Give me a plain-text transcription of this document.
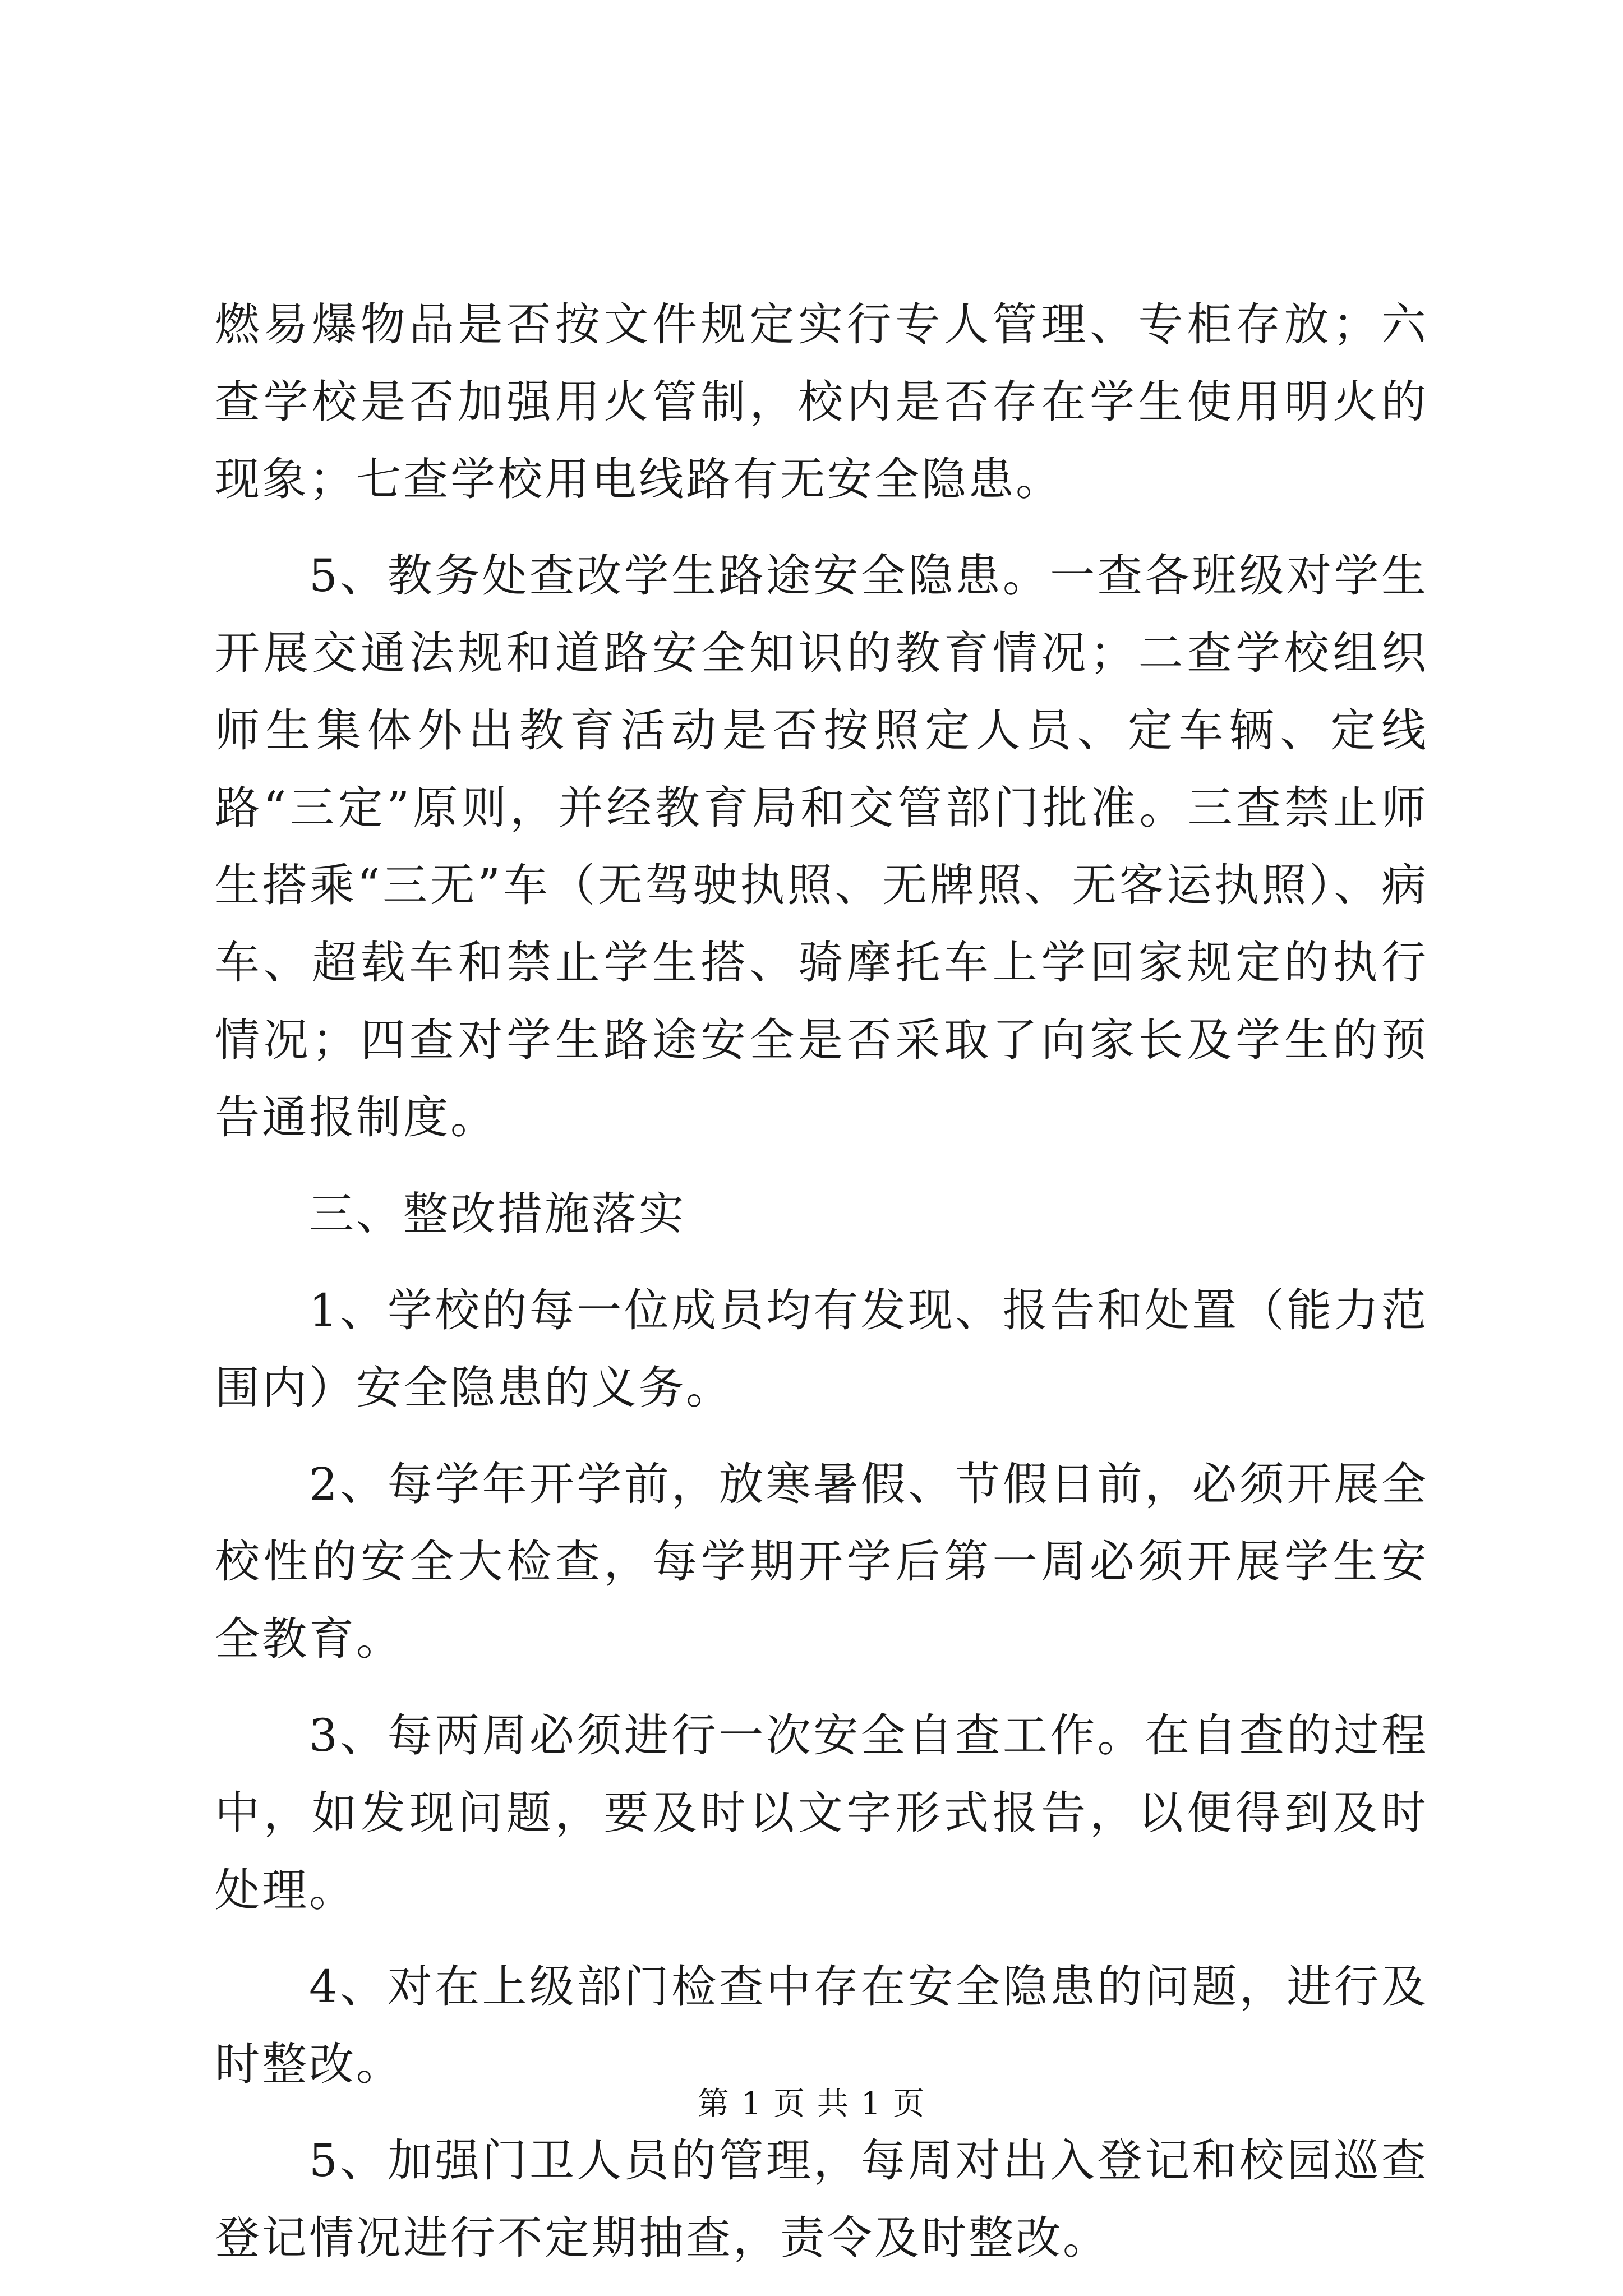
燃易爆物品是否按文件规定实行专人管理、专柜存放；六查学校是否加强用火管制，校内是否存在学生使用明火的现象；七查学校用电线路有无安全隐患。

5、教务处查改学生路途安全隐患。一查各班级对学生开展交通法规和道路安全知识的教育情况；二查学校组织师生集体外出教育活动是否按照定人员、定车辆、定线路“三定”原则，并经教育局和交管部门批准。三查禁止师生搭乘“三无”车（无驾驶执照、无牌照、无客运执照）、病车、超载车和禁止学生搭、骑摩托车上学回家规定的执行情况；四查对学生路途安全是否采取了向家长及学生的预告通报制度。

三、整改措施落实

1、学校的每一位成员均有发现、报告和处置（能力范围内）安全隐患的义务。

2、每学年开学前，放寒暑假、节假日前，必须开展全校性的安全大检查，每学期开学后第一周必须开展学生安全教育。

3、每两周必须进行一次安全自查工作。在自查的过程中，如发现问题，要及时以文字形式报告，以便得到及时处理。

4、对在上级部门检查中存在安全隐患的问题，进行及时整改。

5、加强门卫人员的管理，每周对出入登记和校园巡查登记情况进行不定期抽查，责令及时整改。

第 1 页 共 1 页
